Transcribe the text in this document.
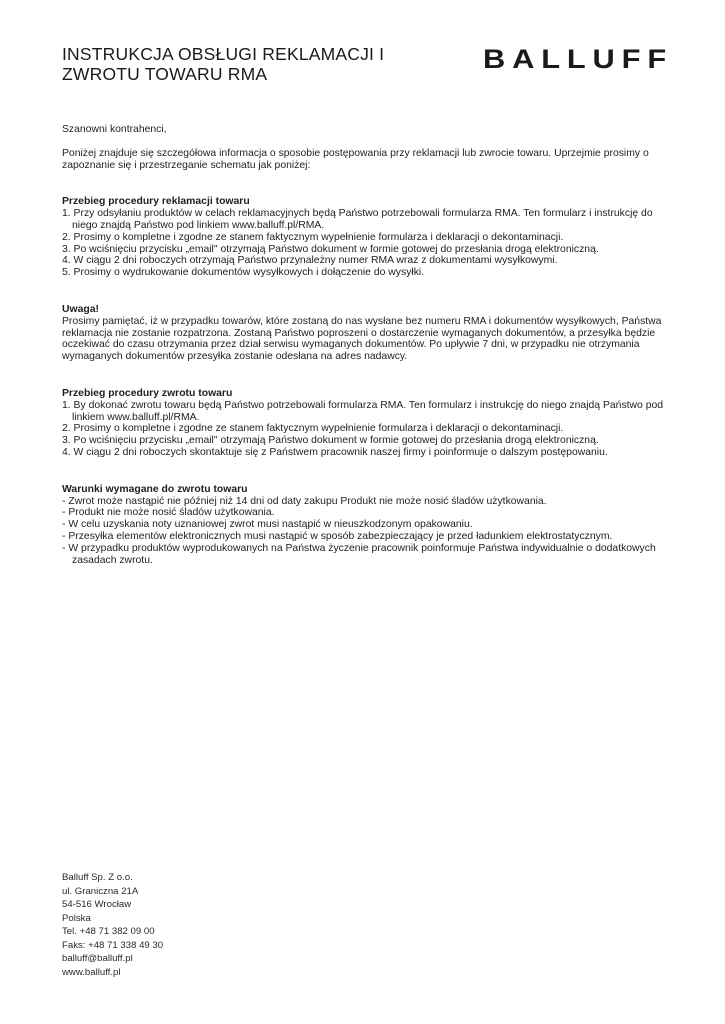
INSTRUKCJA OBSŁUGI REKLAMACJI I
ZWROTU TOWARU RMA	BALLUFF

Szanowni kontrahenci,

Poniżej znajduje się szczegółowa informacja o sposobie postępowania przy reklamacji lub zwrocie towaru. Uprzejmie prosimy o zapoznanie się i przestrzeganie schematu jak poniżej:

Przebieg procedury reklamacji towaru

1. Przy odsyłaniu produktów w celach reklamacyjnych będą Państwo potrzebowali formularza RMA. Ten formularz i instrukcję do niego znajdą Państwo pod linkiem www.balluff.pl/RMA.

2. Prosimy o kompletne i zgodne ze stanem faktycznym wypełnienie formularza i deklaracji o dekontaminacji.

3. Po wciśnięciu przycisku „email" otrzymają Państwo dokument w formie gotowej do przesłania drogą elektroniczną.

4. W ciągu 2 dni roboczych otrzymają Państwo przynależny numer RMA wraz z dokumentami wysyłkowymi.

5. Prosimy o wydrukowanie dokumentów wysyłkowych i dołączenie do wysyłki.

Uwaga!

Prosimy pamiętać, iż w przypadku towarów, które zostaną do nas wysłane bez numeru RMA i dokumentów wysyłkowych, Państwa reklamacja nie zostanie rozpatrzona. Zostaną Państwo poproszeni o dostarczenie wymaganych dokumentów, a przesyłka będzie oczekiwać do czasu otrzymania przez dział serwisu wymaganych dokumentów. Po upływie 7 dni, w przypadku nie otrzymania wymaganych dokumentów przesyłka zostanie odesłana na adres nadawcy.

Przebieg procedury zwrotu towaru

1. By dokonać zwrotu towaru będą Państwo potrzebowali formularza RMA. Ten formularz i instrukcję do niego znajdą Państwo pod linkiem www.balluff.pl/RMA.

2. Prosimy o kompletne i zgodne ze stanem faktycznym wypełnienie formularza i deklaracji o dekontaminacji.

3. Po wciśnięciu przycisku „email" otrzymają Państwo dokument w formie gotowej do przesłania drogą elektroniczną.

4. W ciągu 2 dni roboczych skontaktuje się z Państwem pracownik naszej firmy i poinformuje o dalszym postępowaniu.

Warunki wymagane do zwrotu towaru

- Zwrot może nastąpić nie później niż 14 dni od daty zakupu Produkt nie może nosić śladów użytkowania.

- Produkt nie może nosić śladów użytkowania.

- W celu uzyskania noty uznaniowej zwrot musi nastąpić w nieuszkodzonym opakowaniu.

- Przesyłka elementów elektronicznych musi nastąpić w sposób zabezpieczający je przed ładunkiem elektrostatycznym.

- W przypadku produktów wyprodukowanych na Państwa życzenie pracownik poinformuje Państwa indywidualnie o dodatkowych zasadach zwrotu.

Balluff Sp. Z o.o.
ul. Graniczna 21A
54-516 Wrocław
Polska
Tel. +48 71 382 09 00
Faks: +48 71 338 49 30
balluff@balluff.pl
www.balluff.pl
